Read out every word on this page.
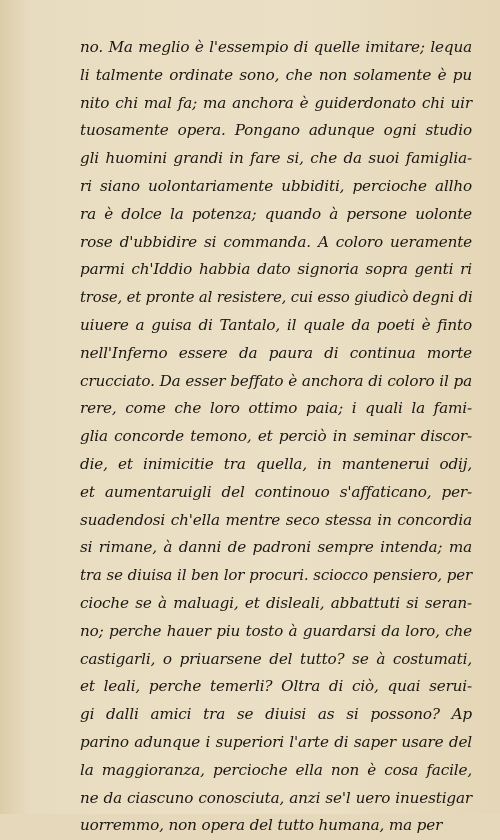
no. Ma meglio è l'essempio di quelle imitare; lequa
li talmente ordinate sono, che non solamente è pu
nito chi mal fa; ma anchora è guiderdonato chi uir
tuosamente opera. Pongano adunque ogni studio
gli huomini grandi in fare si, che da suoi famiglia-
ri siano uolontariamente ubbiditi, percioche allho
ra è dolce la potenza; quando à persone uolonte
rose d'ubbidire si commanda. A coloro ueramente
parmi ch'Iddio habbia dato signoria sopra genti ri
trose, et pronte al resistere, cui esso giudicò degni di
uiuere a guisa di Tantalo, il quale da poeti è finto
nell'Inferno essere da paura di continua morte
crucciato. Da esser beffato è anchora di coloro il pa
rere, come che loro ottimo paia; i quali la fami-
glia concorde temono, et perciò in seminar discor-
die, et inimicitie tra quella, in mantenerui odij,
et aumentaruigli del continouo s'affaticano, per-
suadendosi ch'ella mentre seco stessa in concordia
si rimane, à danni de padroni sempre intenda; ma
tra se diuisa il ben lor procuri. sciocco pensiero, per
cioche se à maluagi, et disleali, abbattuti si seran-
no; perche hauer piu tosto à guardarsi da loro, che
castigarli, o priuarsene del tutto? se à costumati,
et leali, perche temerli? Oltra di ciò, quai serui-
gi dalli amici tra se diuisi as si possono? Ap
parino adunque i superiori l'arte di saper usare del
la maggioranza, percioche ella non è cosa facile,
ne da ciascuno conosciuta, anzi se'l uero inuestigar
uorremmo, non opera del tutto humana, ma per
